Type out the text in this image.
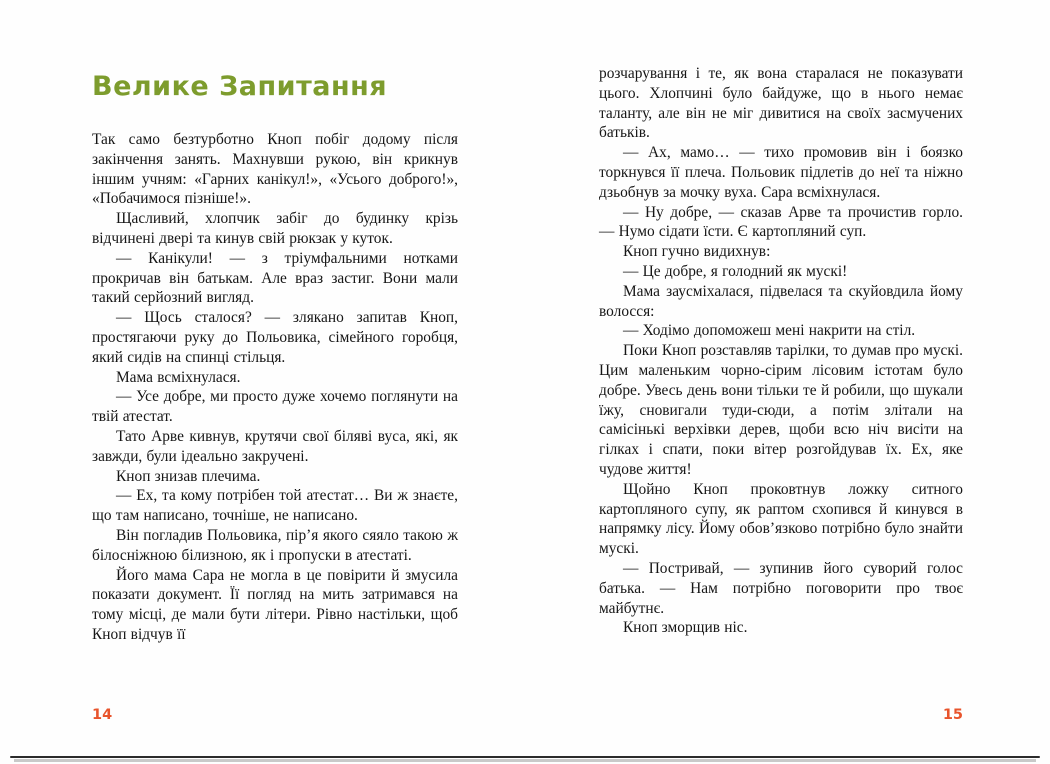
Велике Запитання

Так само безтурботно Кноп побіг додому після закінчення занять. Махнувши рукою, він крикнув іншим учням: «Гарних канікул!», «Усього доброго!», «Побачимося пізніше!».

Щасливий, хлопчик забіг до будинку крізь відчинені двері та кинув свій рюкзак у куток.

— Канікули! — з тріумфальними нотками прокричав він батькам. Але враз застиг. Вони мали такий серйозний вигляд.

— Щось сталося? — злякано запитав Кноп, простягаючи руку до Польовика, сімейного горобця, який сидів на спинці стільця.

Мама всміхнулася.

— Усе добре, ми просто дуже хочемо поглянути на твій атестат.

Тато Арве кивнув, крутячи свої біляві вуса, які, як завжди, були ідеально закручені.

Кноп знизав плечима.

— Ех, та кому потрібен той атестат… Ви ж знаєте, що там написано, точніше, не написано.

Він погладив Польовика, пір’я якого сяяло такою ж білосніжною білизною, як і пропуски в атестаті.

Його мама Сара не могла в це повірити й змусила показати документ. Її погляд на мить затримався на тому місці, де мали бути літери. Рівно настільки, щоб Кноп відчув її

розчарування і те, як вона старалася не показувати цього. Хлопчині було байдуже, що в нього немає таланту, але він не міг дивитися на своїх засмучених батьків.

— Ах, мамо… — тихо промовив він і боязко торкнувся її плеча. Польовик підлетів до неї та ніжно дзьобнув за мочку вуха. Сара всміхнулася.

— Ну добре, — сказав Арве та прочистив горло. — Нумо сідати їсти. Є картопляний суп.

Кноп гучно видихнув:

— Це добре, я голодний як мускі!

Мама заусміхалася, підвелася та скуйовдила йому волосся:

— Ходімо допоможеш мені накрити на стіл.

Поки Кноп розставляв тарілки, то думав про мускі. Цим маленьким чорно-сірим лісовим істотам було добре. Увесь день вони тільки те й робили, що шукали їжу, сновигали туди-сюди, а потім злітали на самісінькі верхівки дерев, щоби всю ніч висіти на гілках і спати, поки вітер розгойдував їх. Ех, яке чудове життя!

Щойно Кноп проковтнув ложку ситного картопляного супу, як раптом схопився й кинувся в напрямку лісу. Йому обов’язково потрібно було знайти мускі.

— Постривай, — зупинив його суворий голос батька. — Нам потрібно поговорити про твоє майбутнє.

Кноп зморщив ніс.

14	15
